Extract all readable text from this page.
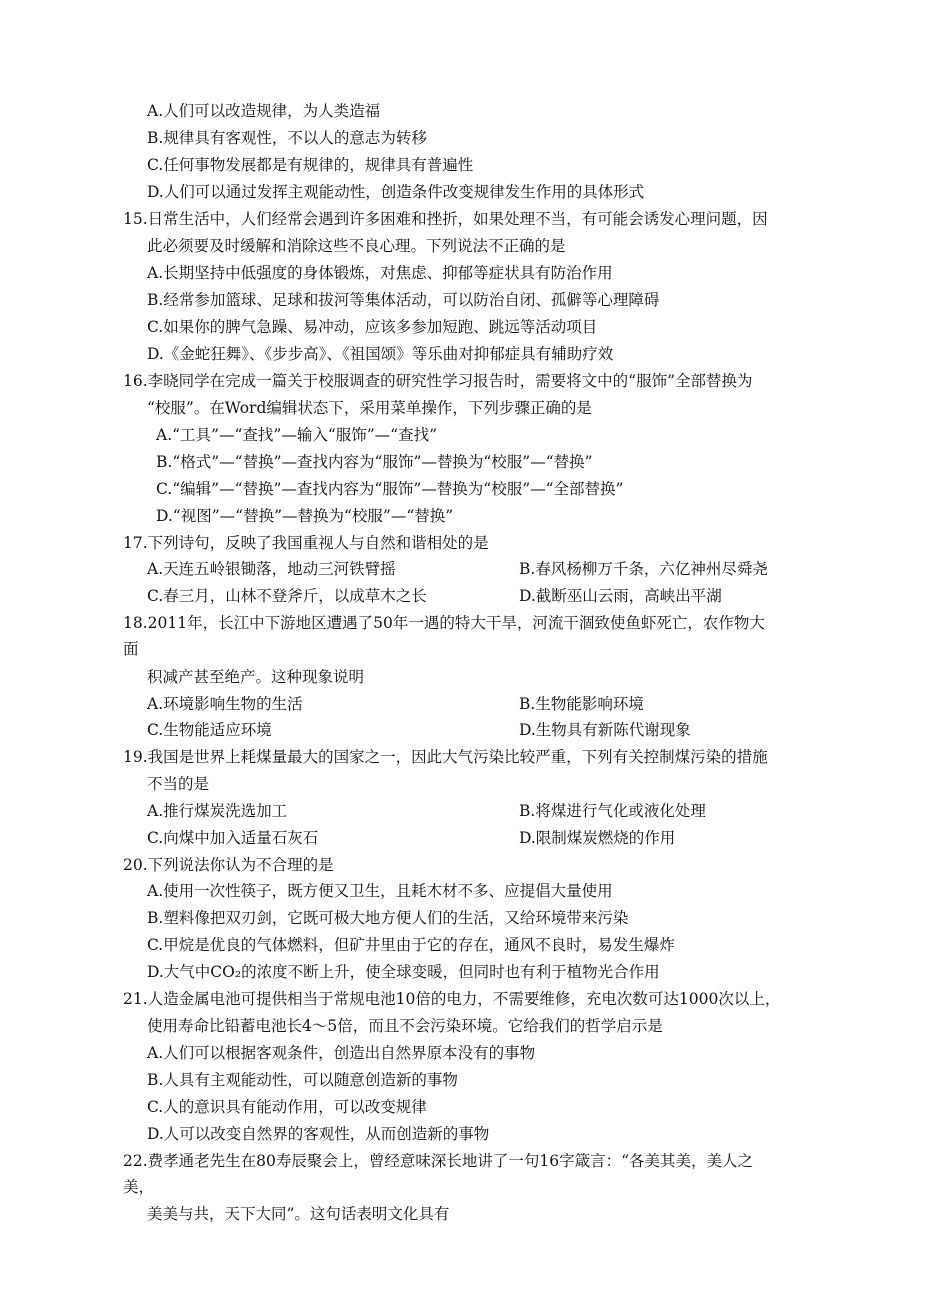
A.人们可以改造规律，为人类造福
B.规律具有客观性，不以人的意志为转移
C.任何事物发展都是有规律的，规律具有普遍性
D.人们可以通过发挥主观能动性，创造条件改变规律发生作用的具体形式
15.日常生活中，人们经常会遇到许多困难和挫折，如果处理不当，有可能会诱发心理问题，因
此必须要及时缓解和消除这些不良心理。下列说法不正确的是
A.长期坚持中低强度的身体锻炼，对焦虑、抑郁等症状具有防治作用
B.经常参加篮球、足球和拔河等集体活动，可以防治自闭、孤僻等心理障碍
C.如果你的脾气急躁、易冲动，应该多参加短跑、跳远等活动项目
D.《金蛇狂舞》、《步步高》、《祖国颂》等乐曲对抑郁症具有辅助疗效
16.李晓同学在完成一篇关于校服调查的研究性学习报告时，需要将文中的“服饰”全部替换为
“校服”。在Word编辑状态下，采用菜单操作，下列步骤正确的是
A.“工具”—“查找”—输入“服饰”—“查找”
B.“格式”—“替换”—查找内容为“服饰”—替换为“校服”—“替换”
C.“编辑”—“替换”—查找内容为“服饰”—替换为“校服”—“全部替换”
D.“视图”—“替换”—替换为“校服”—“替换”
17.下列诗句，反映了我国重视人与自然和谐相处的是
A.天连五岭银锄落，地动三河铁臂摇	B.春风杨柳万千条，六亿神州尽舜尧
C.春三月，山林不登斧斤，以成草木之长	D.截断巫山云雨，高峡出平湖
18.2011年，长江中下游地区遭遇了50年一遇的特大干旱，河流干涸致使鱼虾死亡，农作物大
面
积减产甚至绝产。这种现象说明
A.环境影响生物的生活	B.生物能影响环境
C.生物能适应环境	D.生物具有新陈代谢现象
19.我国是世界上耗煤量最大的国家之一，因此大气污染比较严重，下列有关控制煤污染的措施
不当的是
A.推行煤炭洗选加工	B.将煤进行气化或液化处理
C.向煤中加入适量石灰石	D.限制煤炭燃烧的作用
20.下列说法你认为不合理的是
A.使用一次性筷子，既方便又卫生，且耗木材不多、应提倡大量使用
B.塑料像把双刃剑，它既可极大地方便人们的生活，又给环境带来污染
C.甲烷是优良的气体燃料，但矿井里由于它的存在，通风不良时，易发生爆炸
D.大气中CO₂的浓度不断上升，使全球变暖，但同时也有利于植物光合作用
21.人造金属电池可提供相当于常规电池10倍的电力，不需要维修，充电次数可达1000次以上，
使用寿命比铅蓄电池长4～5倍，而且不会污染环境。它给我们的哲学启示是
A.人们可以根据客观条件，创造出自然界原本没有的事物
B.人具有主观能动性，可以随意创造新的事物
C.人的意识具有能动作用，可以改变规律
D.人可以改变自然界的客观性，从而创造新的事物
22.费孝通老先生在80寿辰聚会上，曾经意味深长地讲了一句16字箴言：“各美其美，美人之
美，
美美与共，天下大同”。这句话表明文化具有
